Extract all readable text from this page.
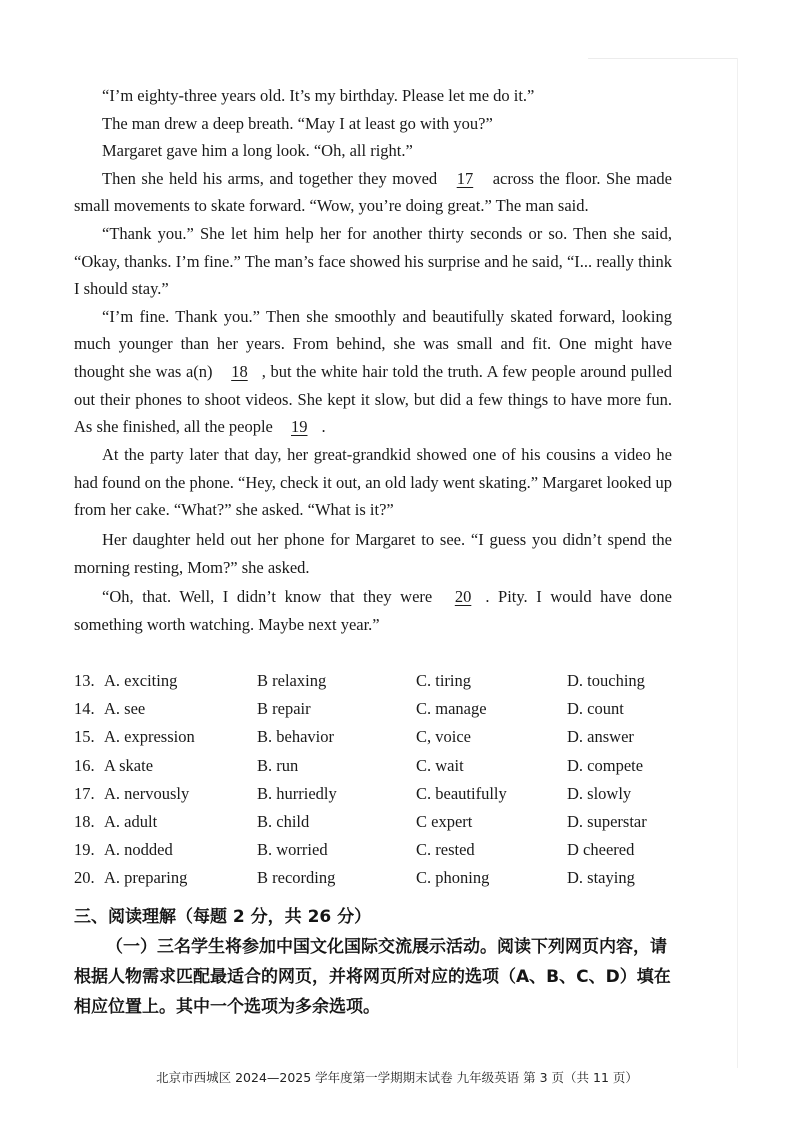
“I’m eighty-three years old. It’s my birthday. Please let me do it.”
The man drew a deep breath. “May I at least go with you?”
Margaret gave him a long look. “Oh, all right.”
Then she held his arms, and together they moved 17 across the floor. She made small movements to skate forward. “Wow, you’re doing great.” The man said.
“Thank you.” She let him help her for another thirty seconds or so. Then she said, “Okay, thanks. I’m fine.” The man’s face showed his surprise and he said, “I... really think I should stay.”
“I’m fine. Thank you.” Then she smoothly and beautifully skated forward, looking much younger than her years. From behind, she was small and fit. One might have thought she was a(n) 18 , but the white hair told the truth. A few people around pulled out their phones to shoot videos. She kept it slow, but did a few things to have more fun. As she finished, all the people 19 .
At the party later that day, her great-grandkid showed one of his cousins a video he had found on the phone. “Hey, check it out, an old lady went skating.” Margaret looked up from her cake. “What?” she asked. “What is it?”
Her daughter held out her phone for Margaret to see. “I guess you didn’t spend the morning resting, Mom?” she asked.
“Oh, that. Well, I didn’t know that they were 20 . Pity. I would have done something worth watching. Maybe next year.”
13. A. exciting	B relaxing	C. tiring	D. touching
14. A. see	B repair	C. manage	D. count
15. A. expression	B. behavior	C, voice	D. answer
16. A skate	B. run	C. wait	D. compete
17. A. nervously	B. hurriedly	C. beautifully	D. slowly
18. A. adult	B. child	C expert	D. superstar
19. A. nodded	B. worried	C. rested	D cheered
20. A. preparing	B recording	C. phoning	D. staying
三、阅读理解（每题 2 分，共 26 分）
（一）三名学生将参加中国文化国际交流展示活动。阅读下列网页内容，请根据人物需求匹配最适合的网页，并将网页所对应的选项（A、B、C、D）填在相应位置上。其中一个选项为多余选项。
北京市西城区 2024—2025 学年度第一学期期末试卷 九年级英语 第 3 页（共 11 页）
